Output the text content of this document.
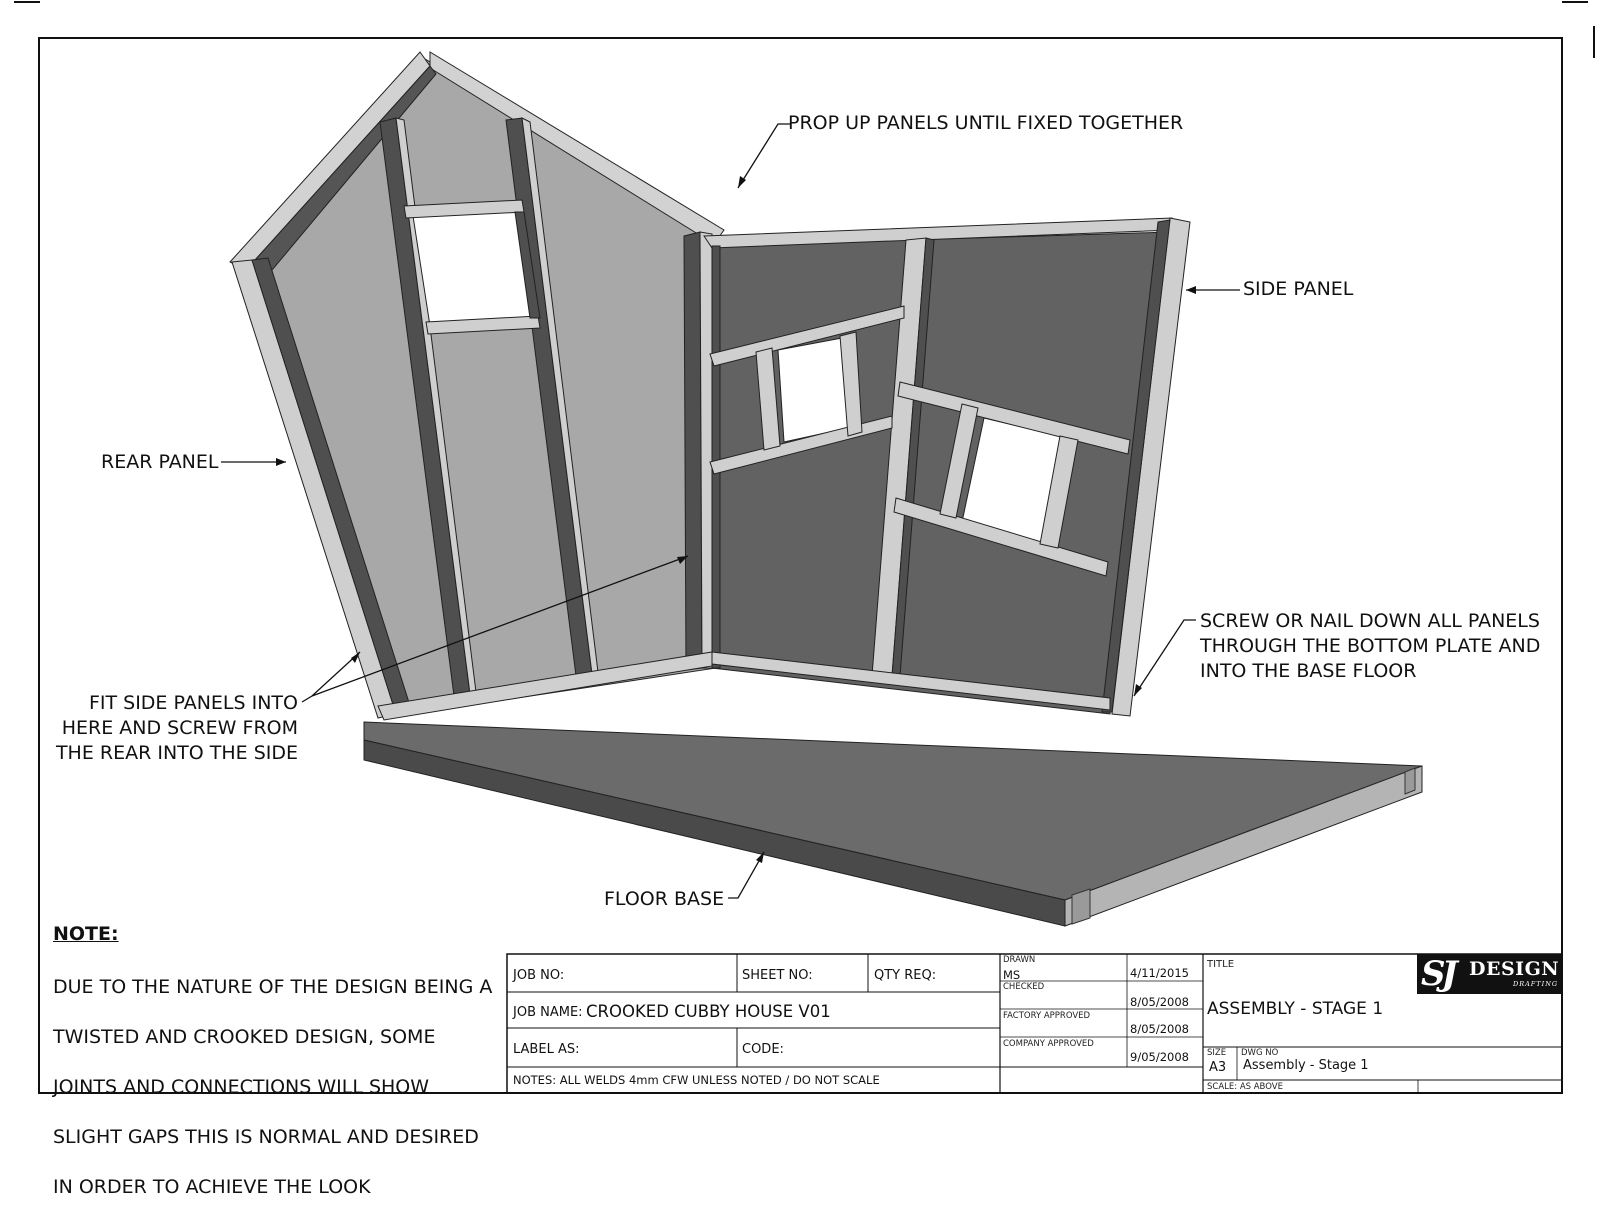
PROP UP PANELS UNTIL FIXED TOGETHER
SIDE PANEL
REAR PANEL
SCREW OR NAIL DOWN ALL PANELS
THROUGH THE BOTTOM PLATE AND
INTO THE BASE FLOOR
FIT SIDE PANELS INTO
HERE AND SCREW FROM
THE REAR INTO THE SIDE
FLOOR BASE
NOTE:

DUE TO THE NATURE OF THE DESIGN BEING A

TWISTED AND CROOKED DESIGN, SOME

JOINTS AND CONNECTIONS WILL SHOW

SLIGHT GAPS THIS IS NORMAL AND DESIRED

IN ORDER TO ACHIEVE THE LOOK

JOB NO:	SHEET NO:	QTY REQ:
JOB NAME: CROOKED CUBBY HOUSE V01
LABEL AS:	CODE:
NOTES: ALL WELDS 4mm CFW UNLESS NOTED / DO NOT SCALE
DRAWN
MS	4/11/2015
CHECKED
8/05/2008
FACTORY APPROVED
8/05/2008
COMPANY APPROVED
9/05/2008
TITLE
ASSEMBLY - STAGE 1
SIZE
A3
DWG NO
Assembly - Stage 1
SCALE: AS ABOVE
SJ DESIGN
DRAFTING
